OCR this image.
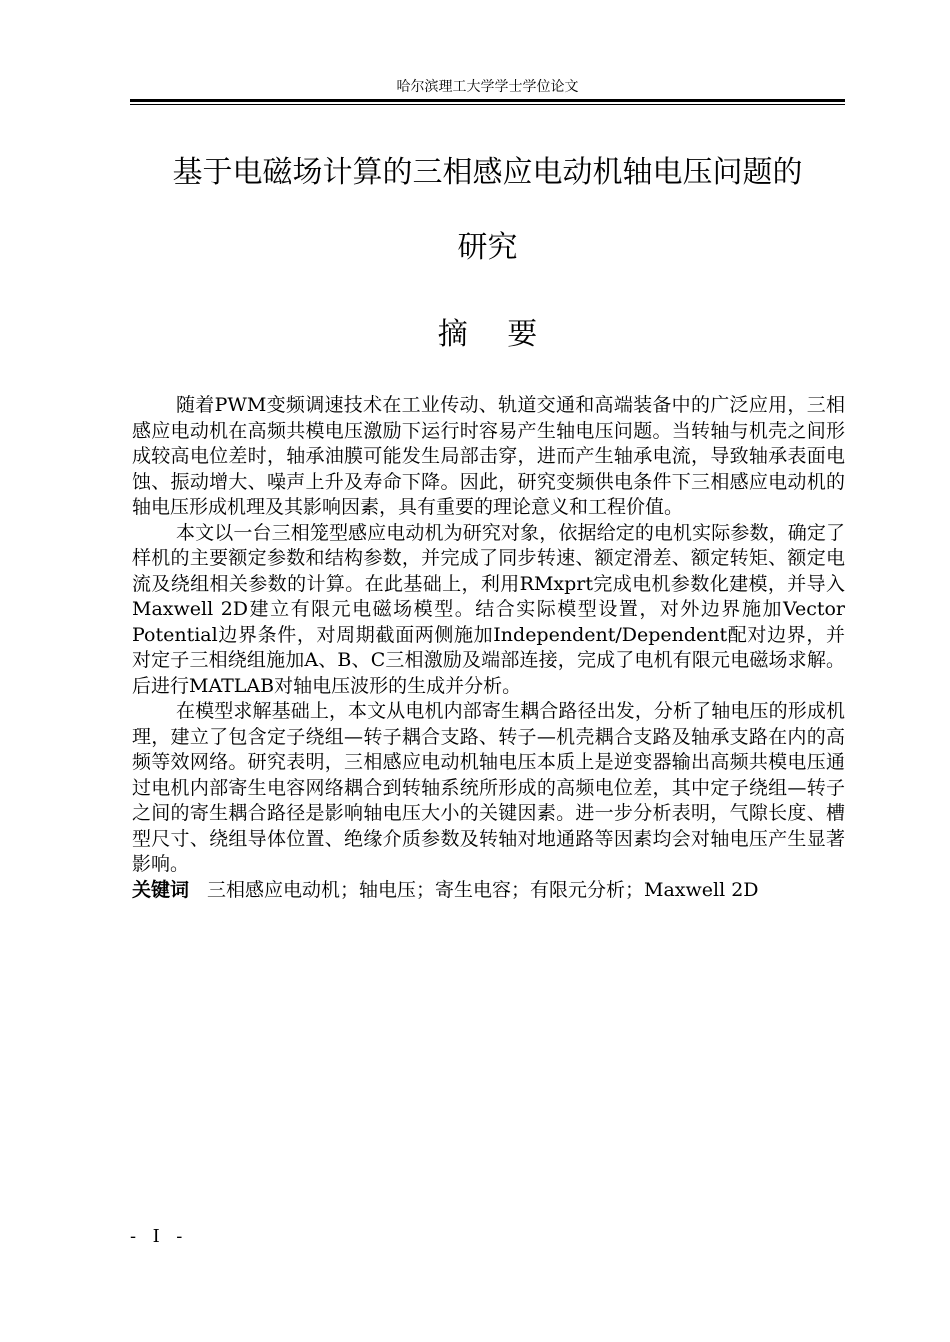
哈尔滨理工大学学士学位论文
基于电磁场计算的三相感应电动机轴电压问题的
研究
摘 要

随着PWM变频调速技术在工业传动、轨道交通和高端装备中的广泛应用，三相感应电动机在高频共模电压激励下运行时容易产生轴电压问题。当转轴与机壳之间形成较高电位差时，轴承油膜可能发生局部击穿，进而产生轴承电流，导致轴承表面电蚀、振动增大、噪声上升及寿命下降。因此，研究变频供电条件下三相感应电动机的轴电压形成机理及其影响因素，具有重要的理论意义和工程价值。

本文以一台三相笼型感应电动机为研究对象，依据给定的电机实际参数，确定了样机的主要额定参数和结构参数，并完成了同步转速、额定滑差、额定转矩、额定电流及绕组相关参数的计算。在此基础上，利用RMxprt完成电机参数化建模，并导入Maxwell 2D建立有限元电磁场模型。结合实际模型设置，对外边界施加Vector Potential边界条件，对周期截面两侧施加Independent/Dependent配对边界，并对定子三相绕组施加A、B、C三相激励及端部连接，完成了电机有限元电磁场求解。后进行MATLAB对轴电压波形的生成并分析。

在模型求解基础上，本文从电机内部寄生耦合路径出发，分析了轴电压的形成机理，建立了包含定子绕组—转子耦合支路、转子—机壳耦合支路及轴承支路在内的高频等效网络。研究表明，三相感应电动机轴电压本质上是逆变器输出高频共模电压通过电机内部寄生电容网络耦合到转轴系统所形成的高频电位差，其中定子绕组—转子之间的寄生耦合路径是影响轴电压大小的关键因素。进一步分析表明，气隙长度、槽型尺寸、绕组导体位置、绝缘介质参数及转轴对地通路等因素均会对轴电压产生显著影响。

关键词 三相感应电动机；轴电压；寄生电容；有限元分析；Maxwell 2D

- I -
